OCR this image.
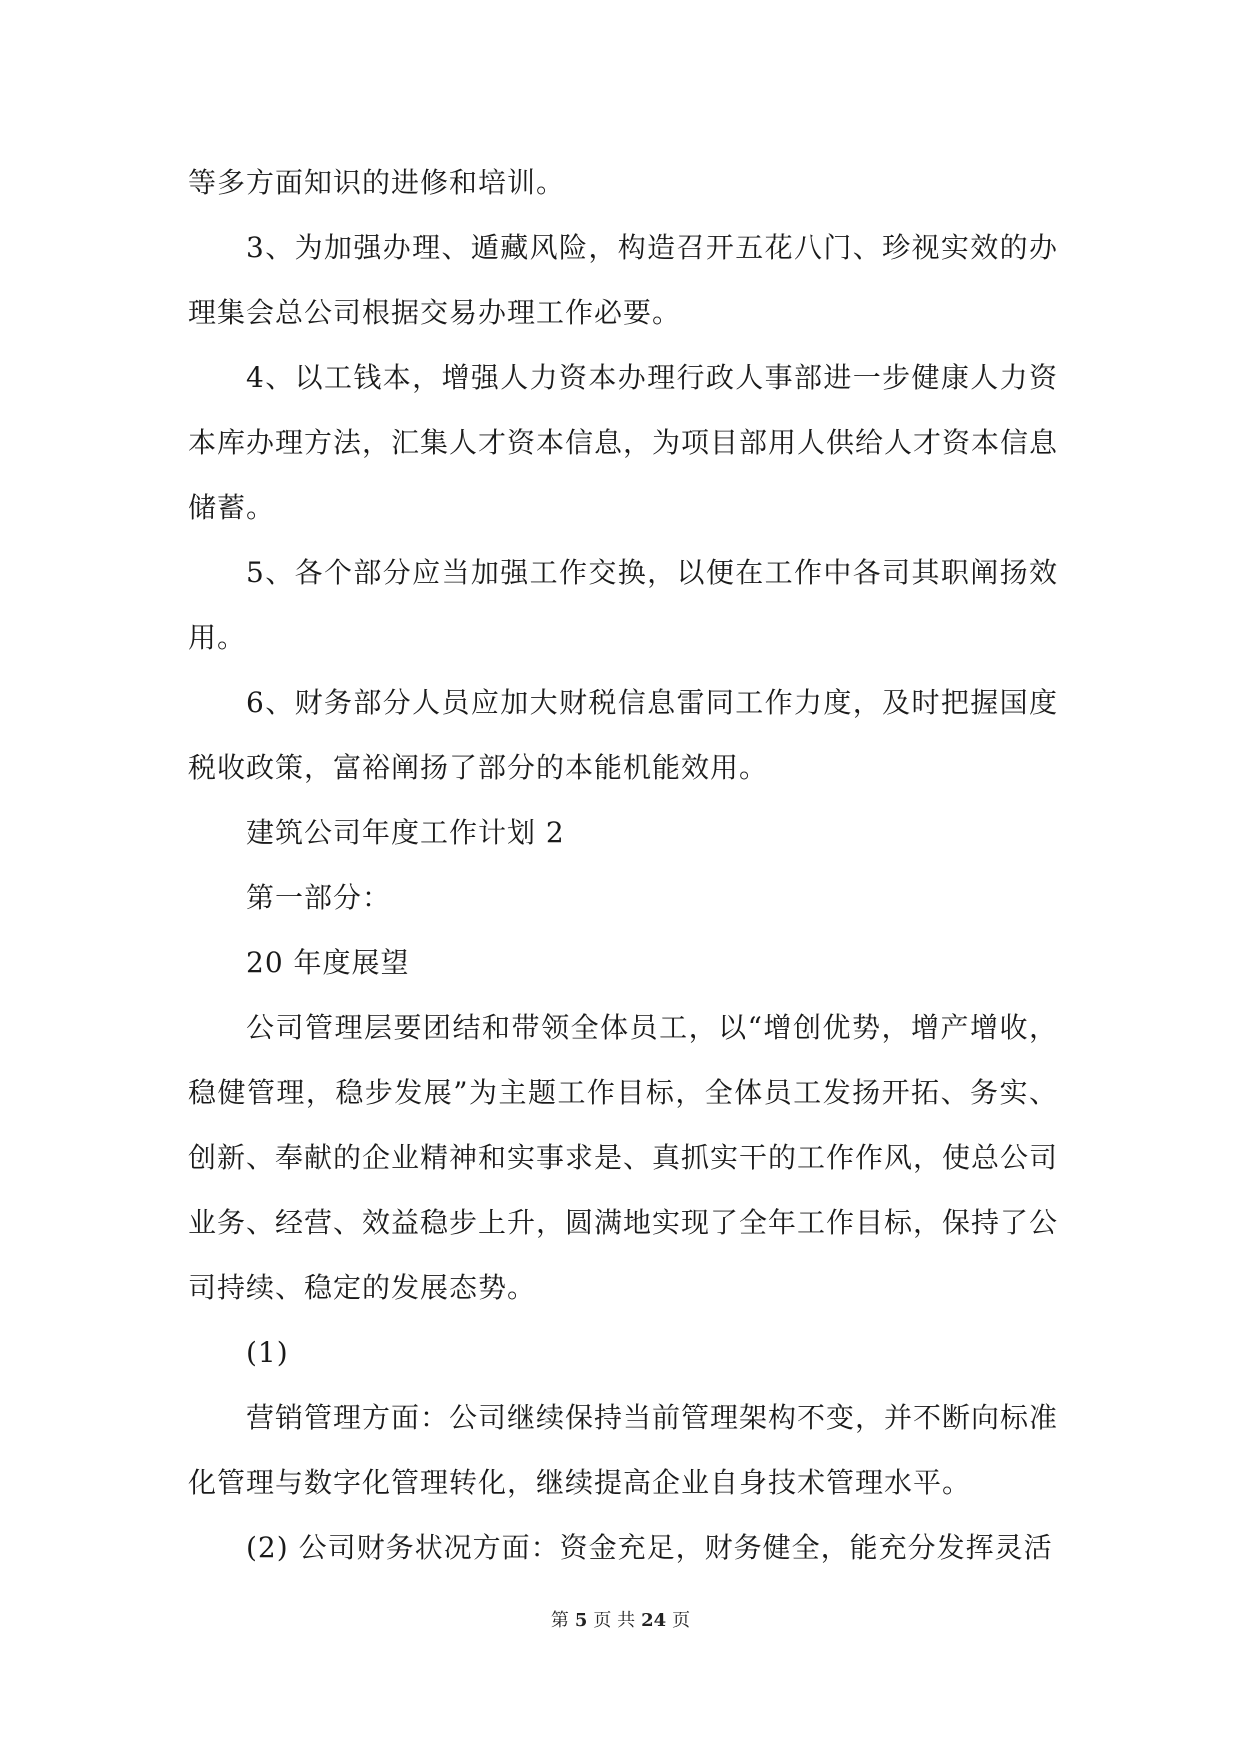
等多方面知识的进修和培训。

3、为加强办理、遁藏风险，构造召开五花八门、珍视实效的办理集会总公司根据交易办理工作必要。

4、以工钱本，增强人力资本办理行政人事部进一步健康人力资本库办理方法，汇集人才资本信息，为项目部用人供给人才资本信息储蓄。

5、各个部分应当加强工作交换，以便在工作中各司其职阐扬效用。

6、财务部分人员应加大财税信息雷同工作力度，及时把握国度税收政策，富裕阐扬了部分的本能机能效用。

建筑公司年度工作计划 2

第一部分：

20 年度展望

公司管理层要团结和带领全体员工，以“增创优势，增产增收，稳健管理，稳步发展”为主题工作目标，全体员工发扬开拓、务实、创新、奉献的企业精神和实事求是、真抓实干的工作作风，使总公司业务、经营、效益稳步上升，圆满地实现了全年工作目标，保持了公司持续、稳定的发展态势。

(1)

营销管理方面：公司继续保持当前管理架构不变，并不断向标准化管理与数字化管理转化，继续提高企业自身技术管理水平。

(2) 公司财务状况方面：资金充足，财务健全，能充分发挥灵活

第 5 页 共 24 页
